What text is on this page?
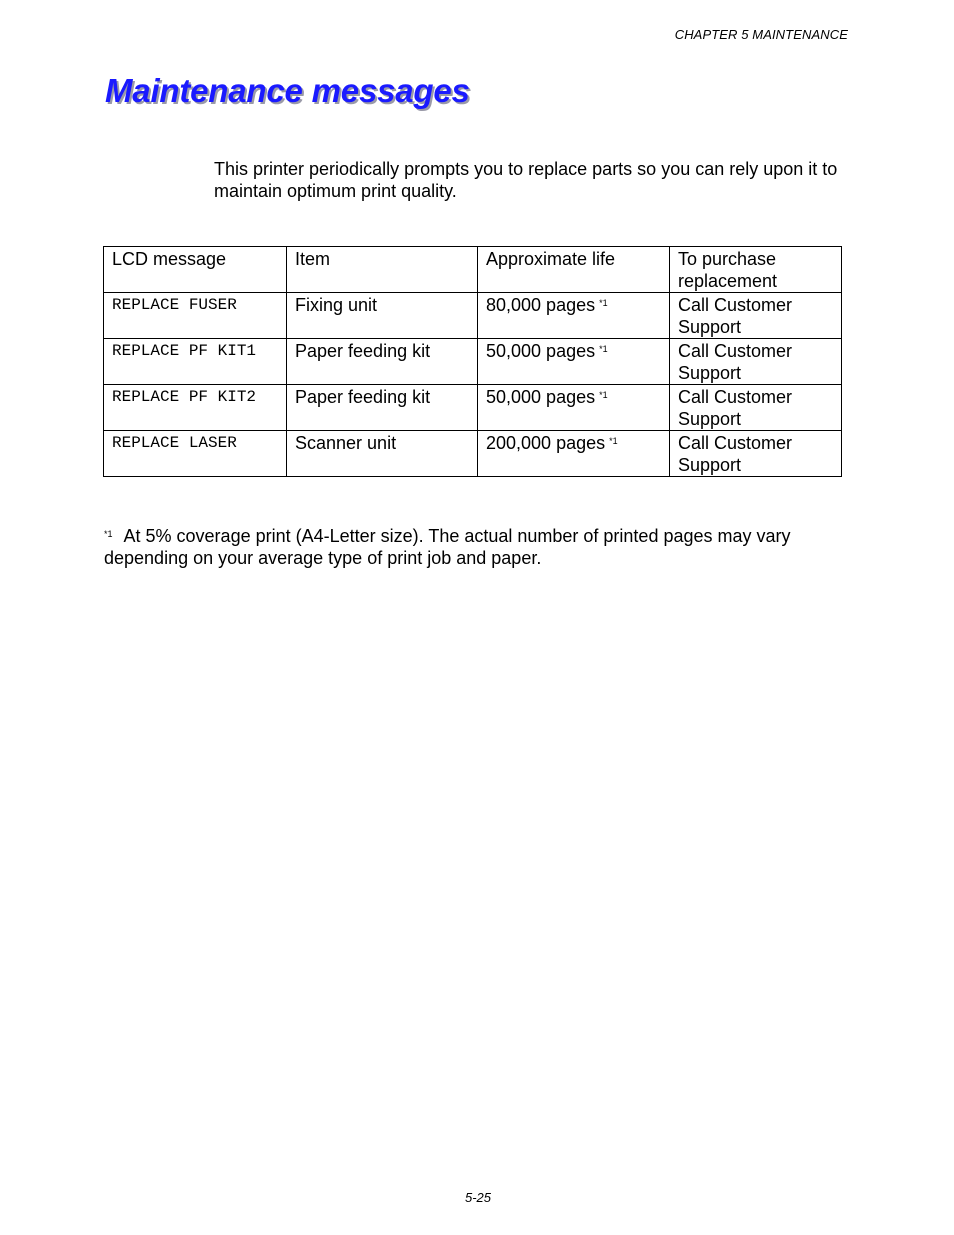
CHAPTER 5 MAINTENANCE
Maintenance messages

This printer periodically prompts you to replace parts so you can rely upon it to maintain optimum print quality.

LCD message	Item	Approximate life	To purchase replacement
REPLACE FUSER	Fixing unit	80,000 pages $^{*1}$	Call Customer Support
REPLACE PF KIT1	Paper feeding kit	50,000 pages $^{*1}$	Call Customer Support
REPLACE PF KIT2	Paper feeding kit	50,000 pages $^{*1}$	Call Customer Support
REPLACE LASER	Scanner unit	200,000 pages $^{*1}$	Call Customer Support

$^{*1}$ At 5% coverage print (A4-Letter size). The actual number of printed pages may vary depending on your average type of print job and paper.

5-25
